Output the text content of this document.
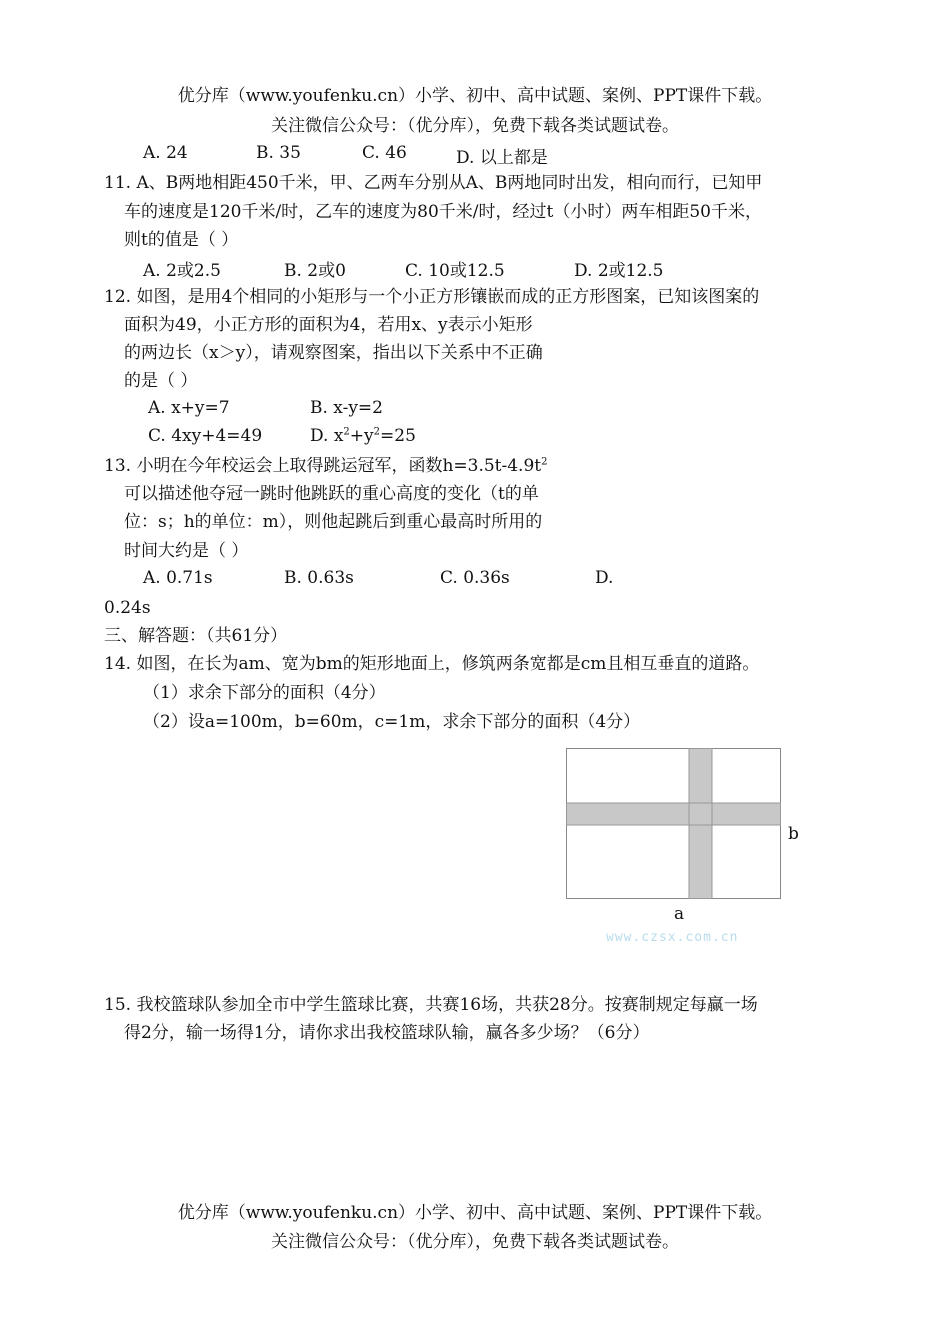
优分库（www.youfenku.cn）小学、初中、高中试题、案例、PPT课件下载。
关注微信公众号：（优分库），免费下载各类试题试卷。
A. 24	B. 35	C. 46	D. 以上都是
11. A、B两地相距450千米，甲、乙两车分别从A、B两地同时出发，相向而行，已知甲
车的速度是120千米/时，乙车的速度为80千米/时，经过t（小时）两车相距50千米，
则t的值是（ ）
A. 2或2.5	B. 2或0	C. 10或12.5	D. 2或12.5
12. 如图，是用4个相同的小矩形与一个小正方形镶嵌而成的正方形图案，已知该图案的
面积为49，小正方形的面积为4，若用x、y表示小矩形
的两边长（x＞y），请观察图案，指出以下关系中不正确
的是（ ）
A. x+y=7	B. x-y=2
C. 4xy+4=49	D. $x^2+y^2=25$
13. 小明在今年校运会上取得跳运冠军，函数$h=3.5t-4.9t^2$
可以描述他夺冠一跳时他跳跃的重心高度的变化（t的单
位：s；h的单位：m），则他起跳后到重心最高时所用的
时间大约是（ ）
A. 0.71s	B. 0.63s	C. 0.36s	D.
0.24s
三、解答题：（共61分）
14. 如图，在长为am、宽为bm的矩形地面上，修筑两条宽都是cm且相互垂直的道路。
（1）求余下部分的面积（4分）
（2）设a=100m，b=60m，c=1m，求余下部分的面积（4分）
b
a
www.czsx.com.cn
15. 我校篮球队参加全市中学生篮球比赛，共赛16场，共获28分。按赛制规定每赢一场
得2分，输一场得1分，请你求出我校篮球队输，赢各多少场？（6分）
优分库（www.youfenku.cn）小学、初中、高中试题、案例、PPT课件下载。
关注微信公众号：（优分库），免费下载各类试题试卷。
